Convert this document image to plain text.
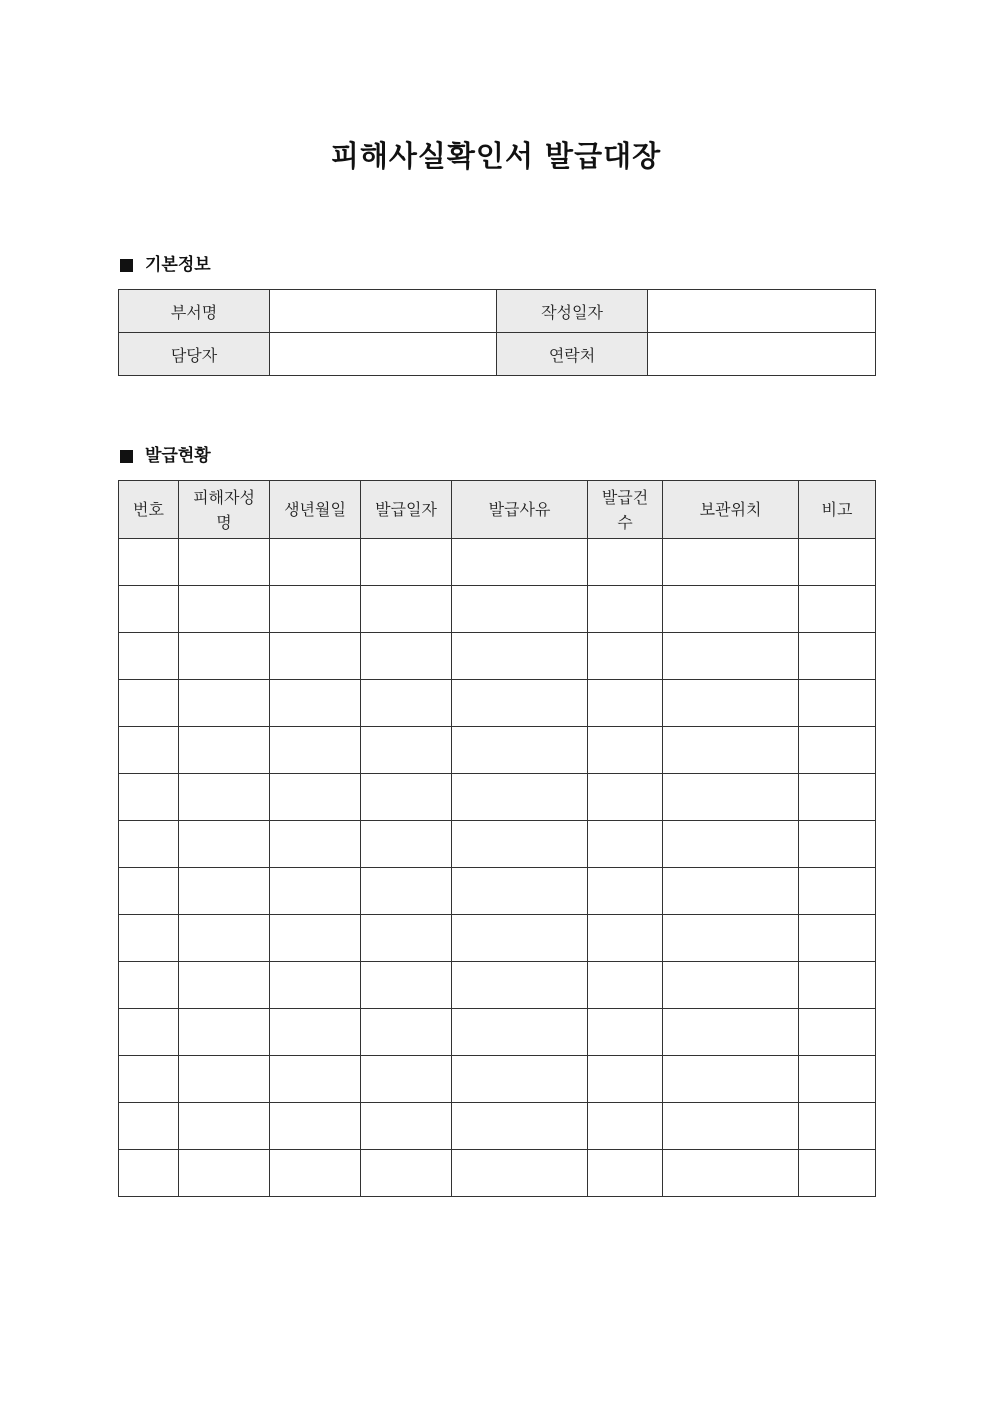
피해사실확인서 발급대장
기본정보
부서명		작성일자	
담당자		연락처	
발급현황
번호	피해자성명	생년월일	발급일자	발급사유	발급건수	보관위치	비고
